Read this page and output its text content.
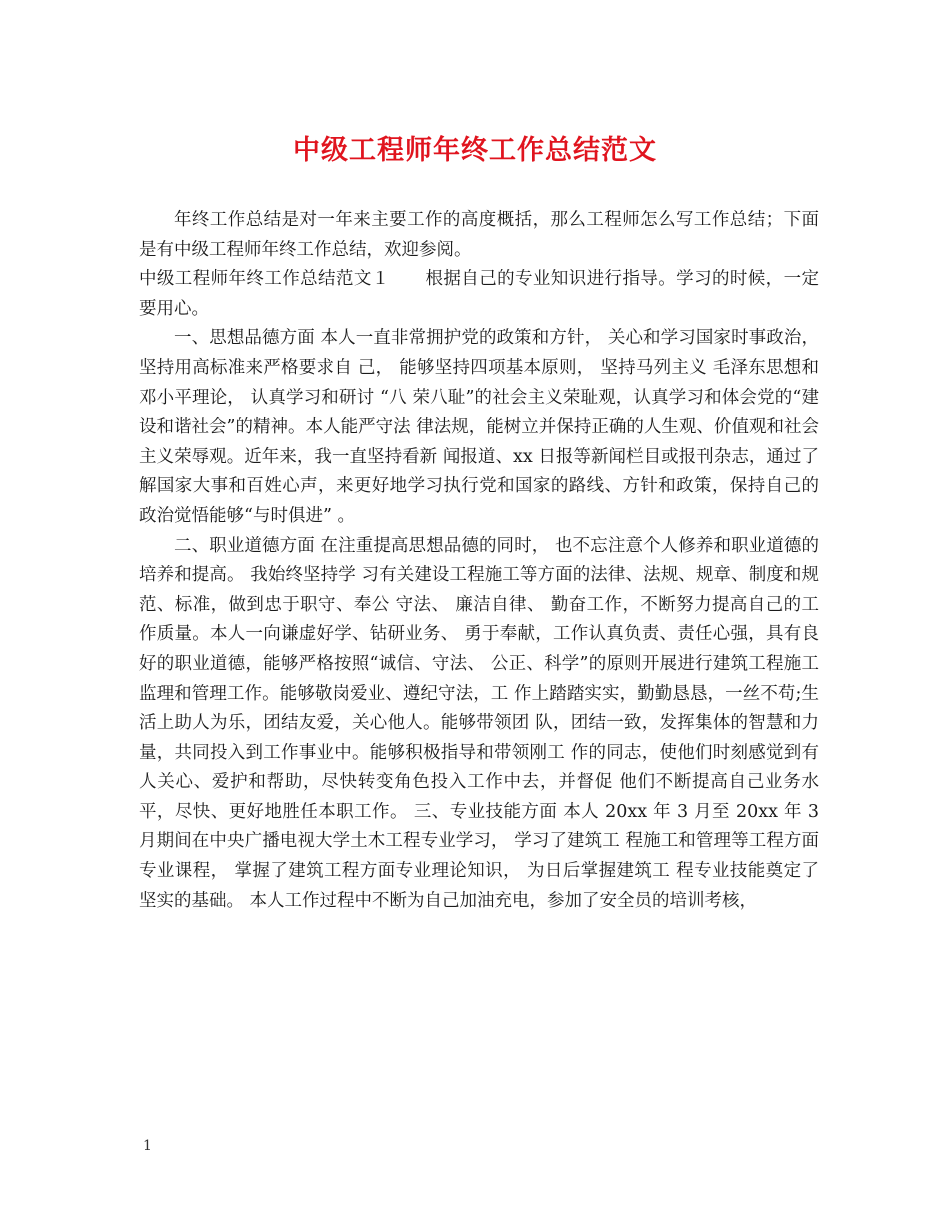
中级工程师年终工作总结范文

年终工作总结是对一年来主要工作的高度概括，那么工程师怎么写工作总结；下面是有中级工程师年终工作总结，欢迎参阅。

中级工程师年终工作总结范文１　　根据自己的专业知识进行指导。学习的时候，一定要用心。

一、思想品德方面 本人一直非常拥护党的政策和方针， 关心和学习国家时事政治， 坚持用高标准来严格要求自 己， 能够坚持四项基本原则， 坚持马列主义 毛泽东思想和邓小平理论， 认真学习和研讨 “八 荣八耻”的社会主义荣耻观，认真学习和体会党的“建设和谐社会”的精神。本人能严守法 律法规，能树立并保持正确的人生观、价值观和社会主义荣辱观。近年来，我一直坚持看新 闻报道、xx 日报等新闻栏目或报刊杂志，通过了解国家大事和百姓心声，来更好地学习执行党和国家的路线、方针和政策，保持自己的政治觉悟能够“与时俱进” 。

二、职业道德方面 在注重提高思想品德的同时， 也不忘注意个人修养和职业道德的培养和提高。 我始终坚持学 习有关建设工程施工等方面的法律、法规、规章、制度和规范、标准，做到忠于职守、奉公 守法、 廉洁自律、 勤奋工作，不断努力提高自己的工作质量。本人一向谦虚好学、钻研业务、 勇于奉献，工作认真负责、责任心强，具有良好的职业道德，能够严格按照“诚信、守法、 公正、科学”的原则开展进行建筑工程施工监理和管理工作。能够敬岗爱业、遵纪守法，工 作上踏踏实实，勤勤恳恳，一丝不苟;生活上助人为乐，团结友爱，关心他人。能够带领团 队，团结一致，发挥集体的智慧和力量，共同投入到工作事业中。能够积极指导和带领刚工 作的同志，使他们时刻感觉到有人关心、爱护和帮助，尽快转变角色投入工作中去，并督促 他们不断提高自己业务水平，尽快、更好地胜任本职工作。 三、专业技能方面 本人 20xx 年 3 月至 20xx 年 3 月期间在中央广播电视大学土木工程专业学习， 学习了建筑工 程施工和管理等工程方面专业课程， 掌握了建筑工程方面专业理论知识， 为日后掌握建筑工 程专业技能奠定了坚实的基础。 本人工作过程中不断为自己加油充电，参加了安全员的培训考核，

1
